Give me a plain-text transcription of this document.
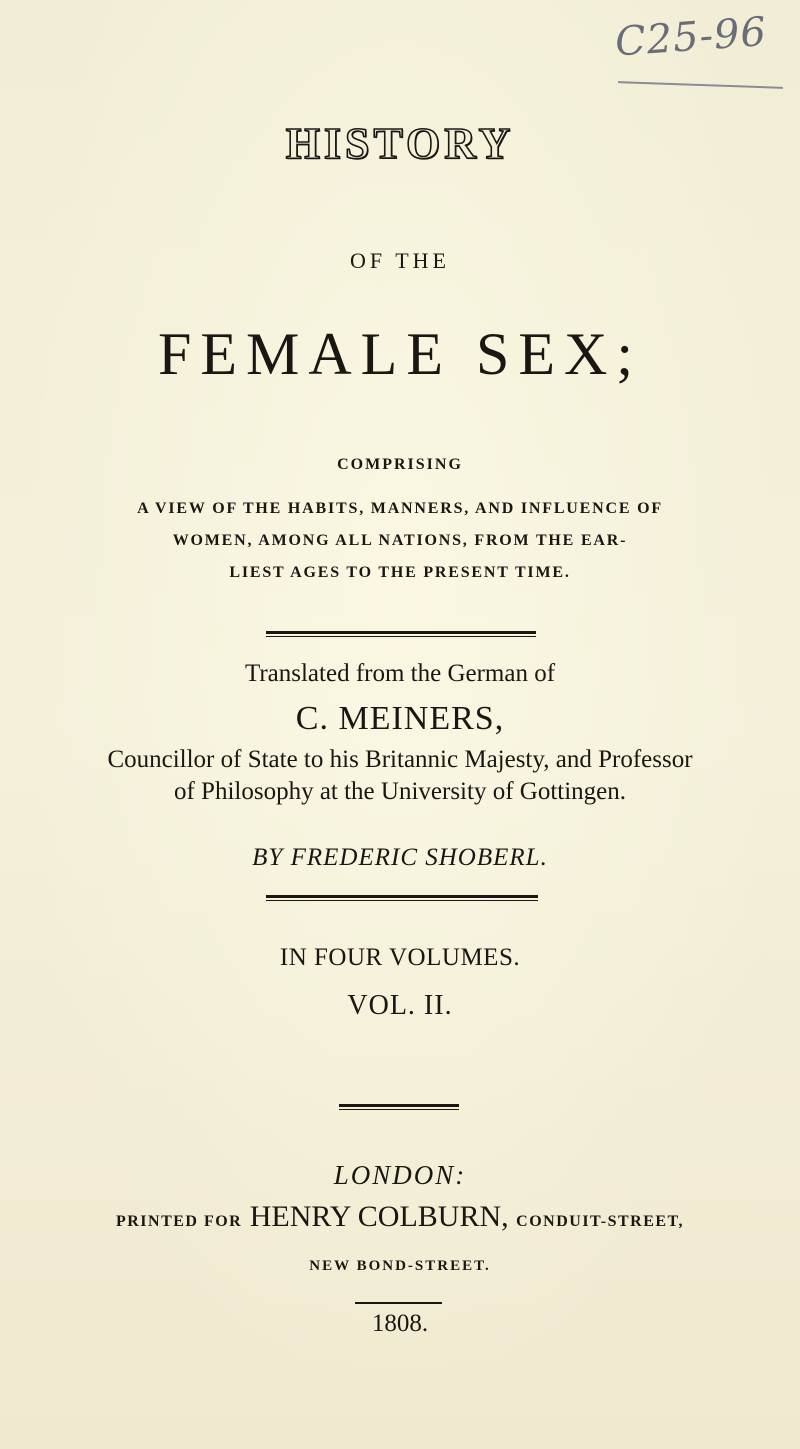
C25-96
HISTORY
OF THE
FEMALE SEX;
COMPRISING
A VIEW OF THE HABITS, MANNERS, AND INFLUENCE OF
WOMEN, AMONG ALL NATIONS, FROM THE EAR-
LIEST AGES TO THE PRESENT TIME.
Translated from the German of
C. MEINERS,
Councillor of State to his Britannic Majesty, and Professor
of Philosophy at the University of Gottingen.
BY FREDERIC SHOBERL.
IN FOUR VOLUMES.
VOL. II.
LONDON:
PRINTED FOR HENRY COLBURN, CONDUIT-STREET,
NEW BOND-STREET.
1808.
